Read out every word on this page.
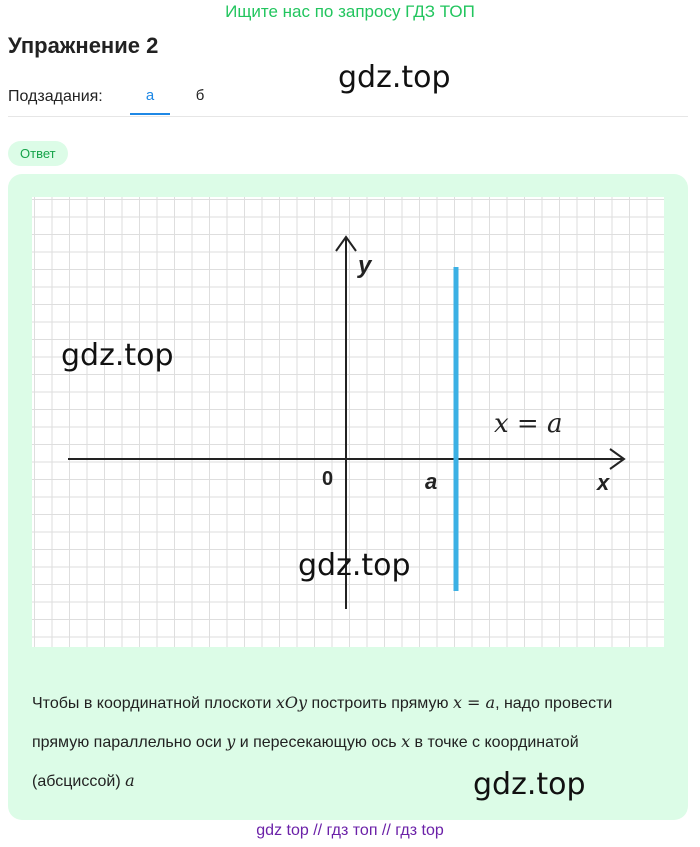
Ищите нас по запросу ГДЗ ТОП
Упражнение 2
Подзадания:	а	б
Ответ
y
x
0	a
x = a
Чтобы в координатной плоскоти xOy построить прямую x = a, надо провести прямую параллельно оси y и пересекающую ось x в точке с координатой (абсциссой) a
gdz.top
gdz.top
gdz.top
gdz.top
gdz top // гдз топ // гдз top
